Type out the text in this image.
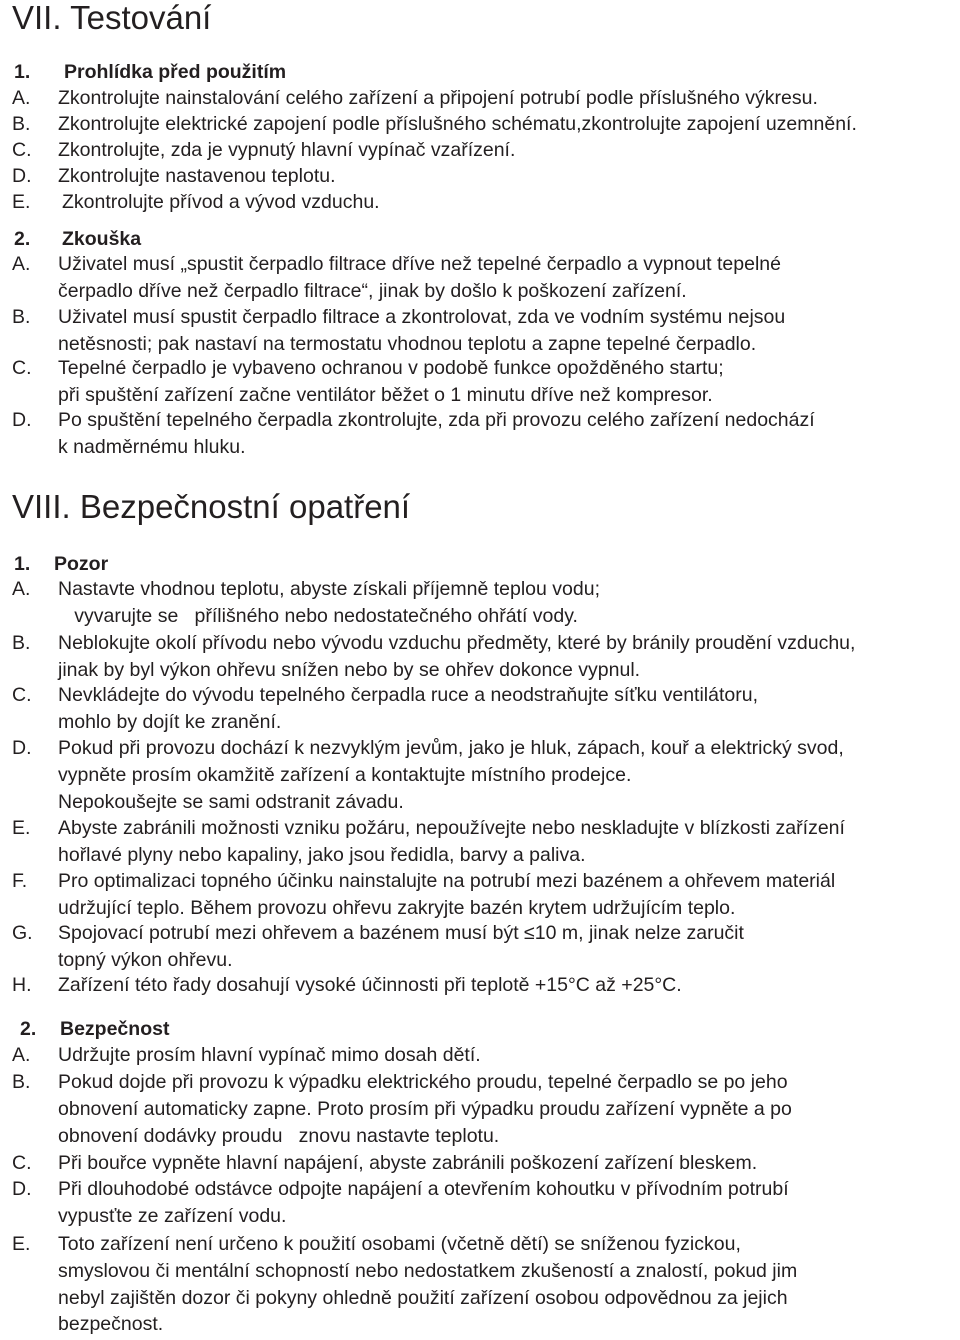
VII. Testování
1. Prohlídka před použitím
A. Zkontrolujte nainstalování celého zařízení a připojení potrubí podle příslušného výkresu.
B. Zkontrolujte elektrické zapojení podle příslušného schématu,zkontrolujte zapojení uzemnění.
C. Zkontrolujte, zda je vypnutý hlavní vypínač vzařízení.
D. Zkontrolujte nastavenou teplotu.
E. Zkontrolujte přívod a vývod vzduchu.
2. Zkouška
A. Uživatel musí „spustit čerpadlo filtrace dříve než tepelné čerpadlo a vypnout tepelné
čerpadlo dříve než čerpadlo filtrace“, jinak by došlo k poškození zařízení.
B. Uživatel musí spustit čerpadlo filtrace a zkontrolovat, zda ve vodním systému nejsou
netěsnosti; pak nastaví na termostatu vhodnou teplotu a zapne tepelné čerpadlo.
C. Tepelné čerpadlo je vybaveno ochranou v podobě funkce opožděného startu;
při spuštění zařízení začne ventilátor běžet o 1 minutu dříve než kompresor.
D. Po spuštění tepelného čerpadla zkontrolujte, zda při provozu celého zařízení nedochází
k nadměrnému hluku.
VIII. Bezpečnostní opatření
1. Pozor
A. Nastavte vhodnou teplotu, abyste získali příjemně teplou vodu;
vyvarujte se   přílišného nebo nedostatečného ohřátí vody.
B. Neblokujte okolí přívodu nebo vývodu vzduchu předměty, které by bránily proudění vzduchu,
jinak by byl výkon ohřevu snížen nebo by se ohřev dokonce vypnul.
C. Nevkládejte do vývodu tepelného čerpadla ruce a neodstraňujte síťku ventilátoru,
mohlo by dojít ke zranění.
D. Pokud při provozu dochází k nezvyklým jevům, jako je hluk, zápach, kouř a elektrický svod,
vypněte prosím okamžitě zařízení a kontaktujte místního prodejce.
Nepokoušejte se sami odstranit závadu.
E. Abyste zabránili možnosti vzniku požáru, nepoužívejte nebo neskladujte v blízkosti zařízení
hořlavé plyny nebo kapaliny, jako jsou ředidla, barvy a paliva.
F. Pro optimalizaci topného účinku nainstalujte na potrubí mezi bazénem a ohřevem materiál
udržující teplo. Během provozu ohřevu zakryjte bazén krytem udržujícím teplo.
G. Spojovací potrubí mezi ohřevem a bazénem musí být ≤10 m, jinak nelze zaručit
topný výkon ohřevu.
H. Zařízení této řady dosahují vysoké účinnosti při teplotě +15°C až +25°C.
2. Bezpečnost
A. Udržujte prosím hlavní vypínač mimo dosah dětí.
B. Pokud dojde při provozu k výpadku elektrického proudu, tepelné čerpadlo se po jeho
obnovení automaticky zapne. Proto prosím při výpadku proudu zařízení vypněte a po
obnovení dodávky proudu   znovu nastavte teplotu.
C. Při bouřce vypněte hlavní napájení, abyste zabránili poškození zařízení bleskem.
D. Při dlouhodobé odstávce odpojte napájení a otevřením kohoutku v přívodním potrubí
vypusťte ze zařízení vodu.
E. Toto zařízení není určeno k použití osobami (včetně dětí) se sníženou fyzickou,
smyslovou či mentální schopností nebo nedostatkem zkušeností a znalostí, pokud jim
nebyl zajištěn dozor či pokyny ohledně použití zařízení osobou odpovědnou za jejich
bezpečnost.
